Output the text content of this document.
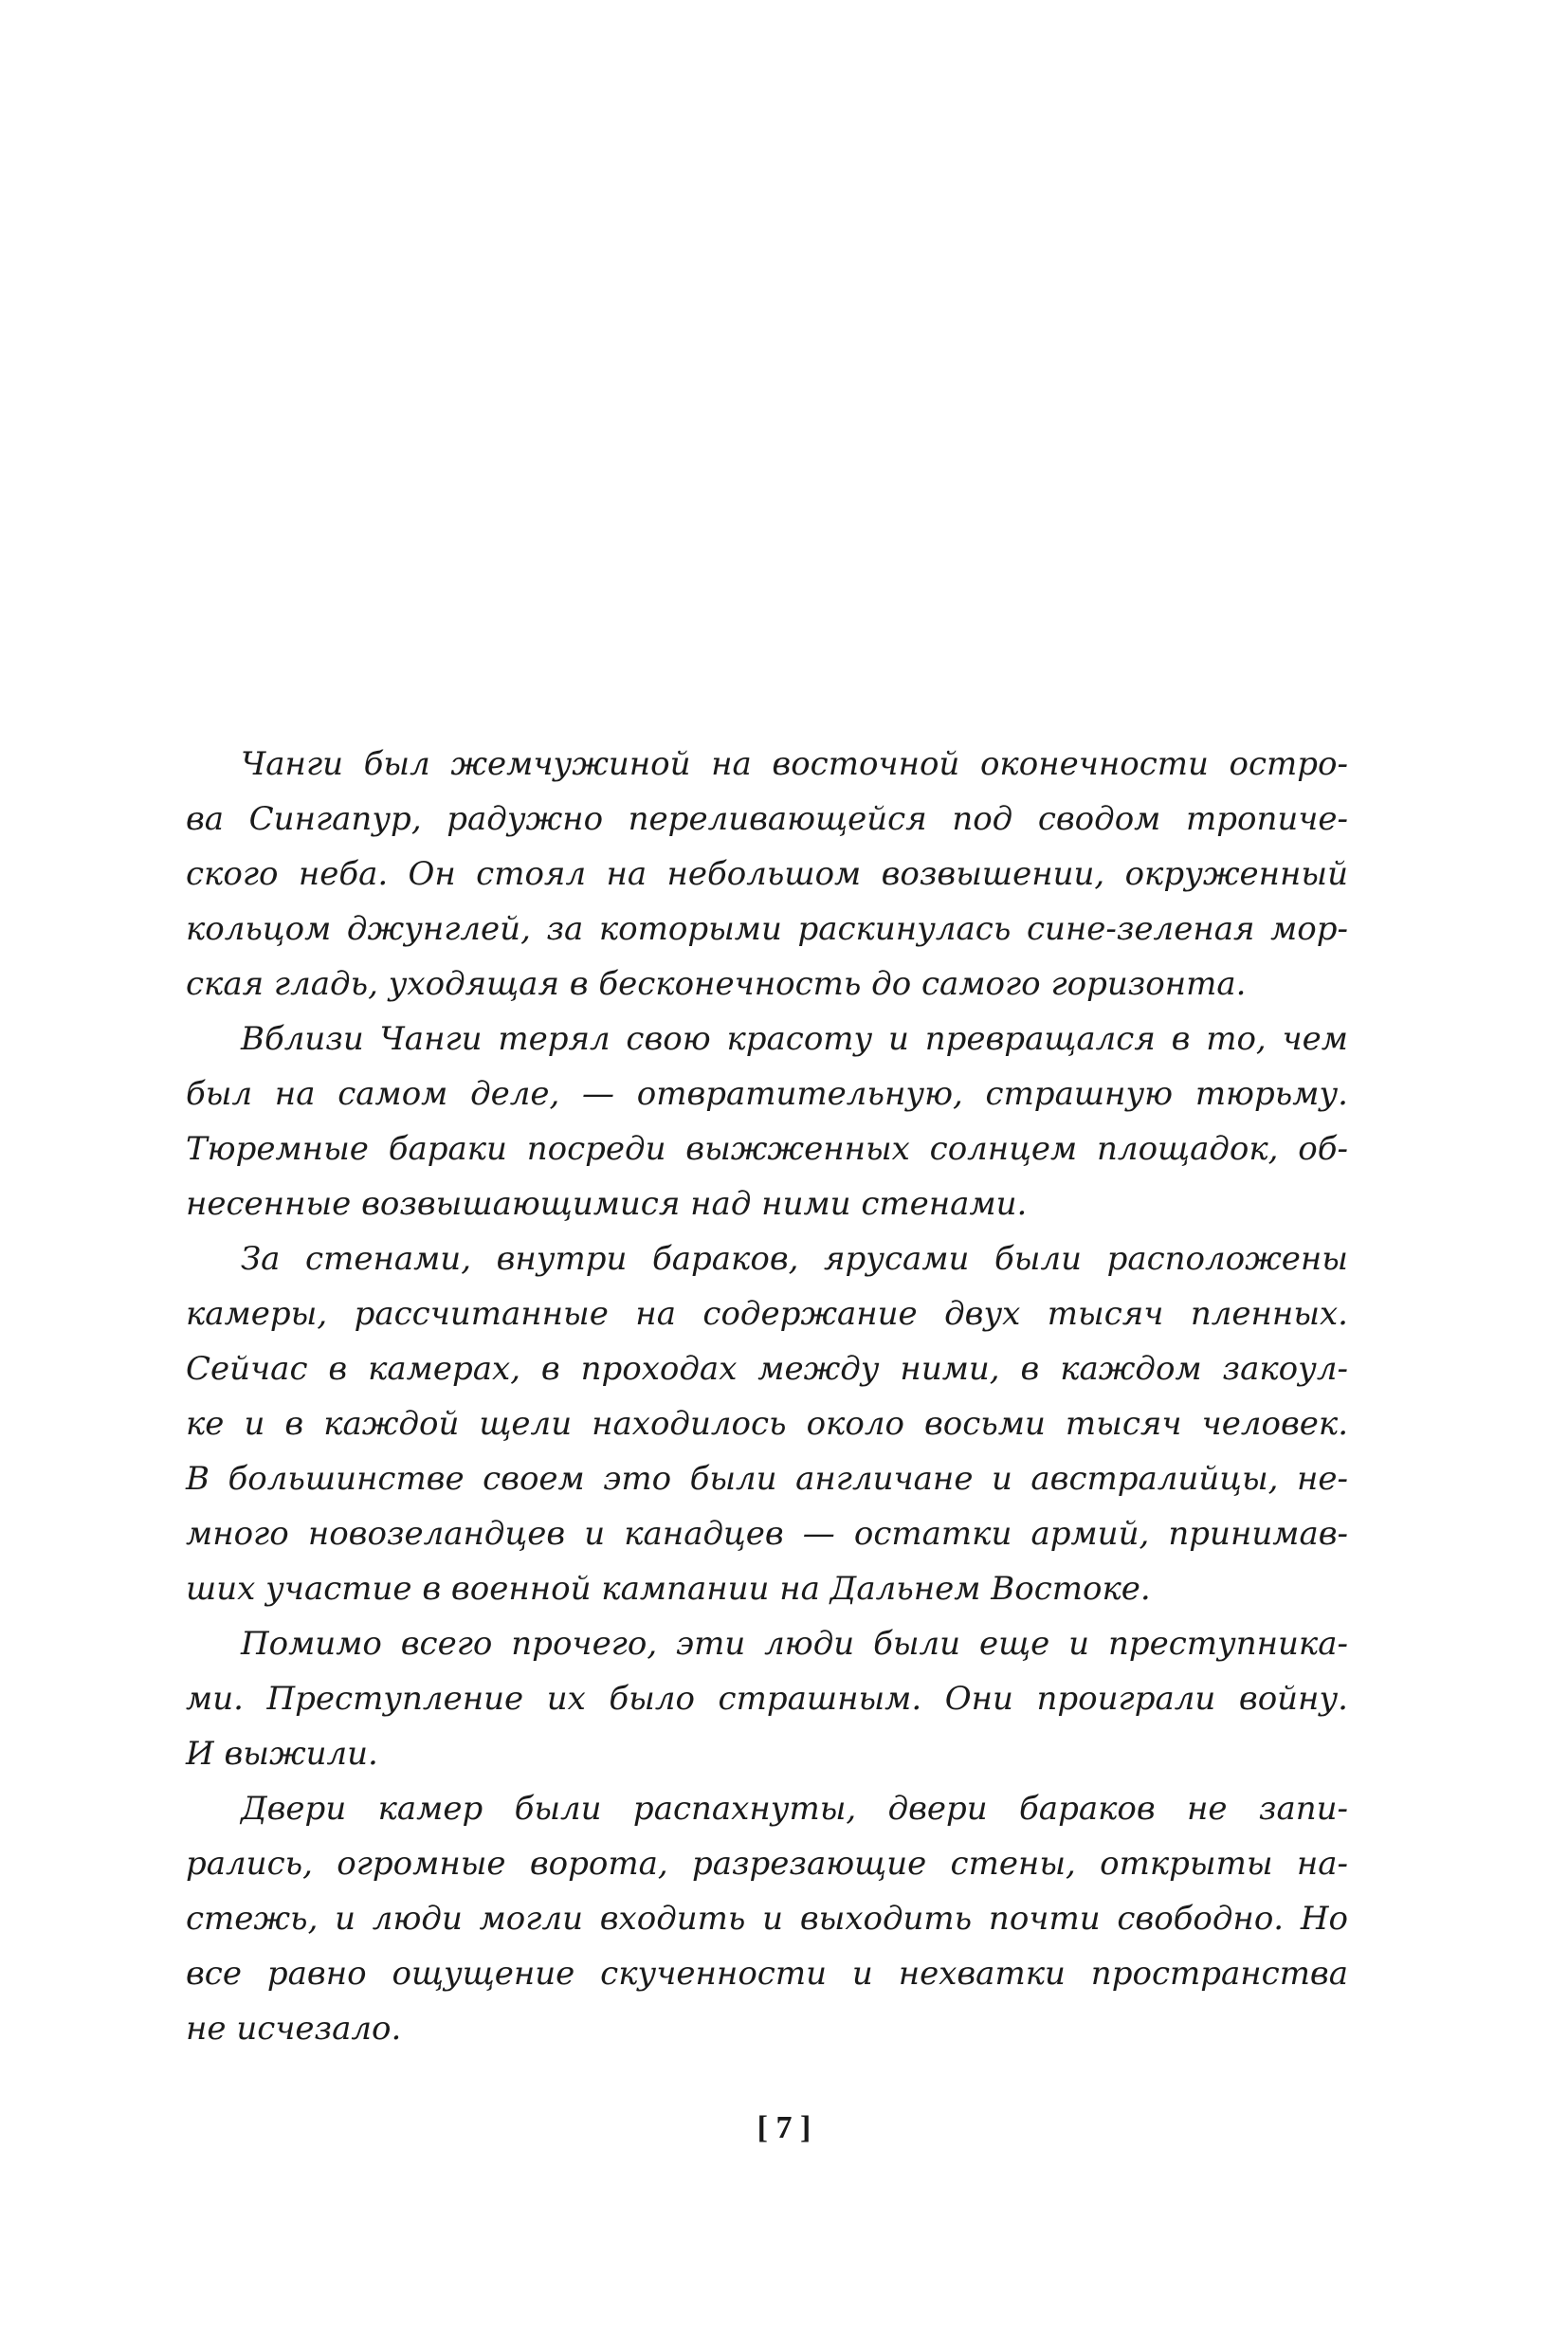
Чанги был жемчужиной на восточной оконечности остро-
ва Сингапур, радужно переливающейся под сводом тропиче-
ского неба. Он стоял на небольшом возвышении, окруженный
кольцом джунглей, за которыми раскинулась сине-зеленая мор-
ская гладь, уходящая в бесконечность до самого горизонта.
Вблизи Чанги терял свою красоту и превращался в то, чем
был на самом деле, — отвратительную, страшную тюрьму.
Тюремные бараки посреди выжженных солнцем площадок, об-
несенные возвышающимися над ними стенами.
За стенами, внутри бараков, ярусами были расположены
камеры, рассчитанные на содержание двух тысяч пленных.
Сейчас в камерах, в проходах между ними, в каждом закоул-
ке и в каждой щели находилось около восьми тысяч человек.
В большинстве своем это были англичане и австралийцы, не-
много новозеландцев и канадцев — остатки армий, принимав-
ших участие в военной кампании на Дальнем Востоке.
Помимо всего прочего, эти люди были еще и преступника-
ми. Преступление их было страшным. Они проиграли войну.
И выжили.
Двери камер были распахнуты, двери бараков не запи-
рались, огромные ворота, разрезающие стены, открыты на-
стежь, и люди могли входить и выходить почти свободно. Но
все равно ощущение скученности и нехватки пространства
не исчезало.
[ 7 ]
